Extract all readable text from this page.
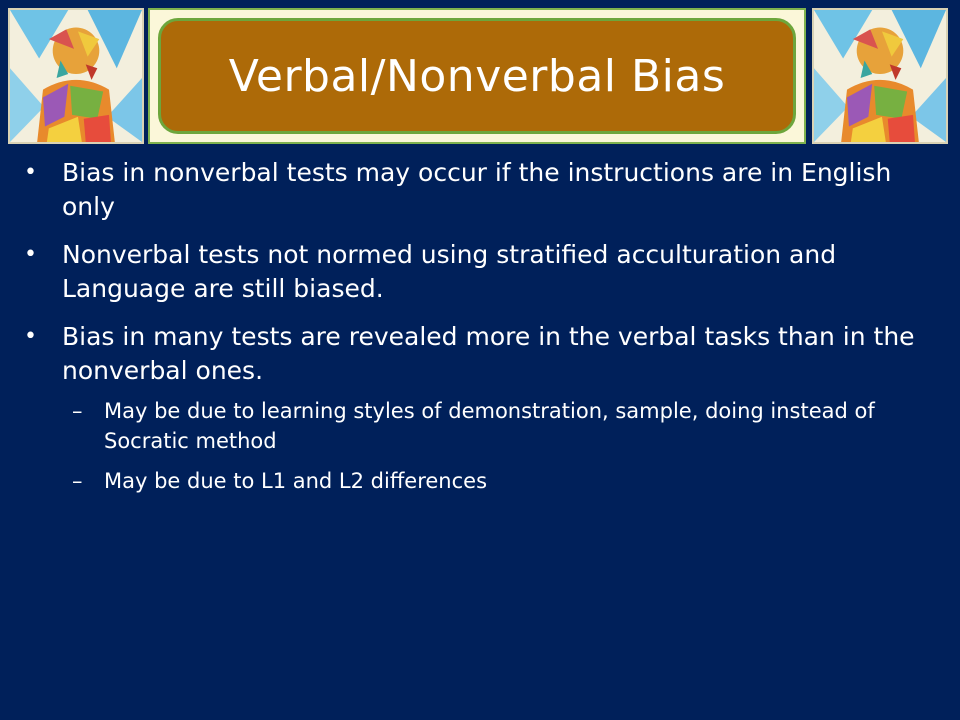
Verbal/Nonverbal Bias
• Bias in nonverbal tests may occur if the instructions are in English only
• Nonverbal tests not normed using stratified acculturation and Language are still biased.
• Bias in many tests are revealed more in the verbal tasks than in the nonverbal ones.
– May be due to learning styles of demonstration, sample, doing instead of Socratic method
– May be due to L1 and L2 differences
